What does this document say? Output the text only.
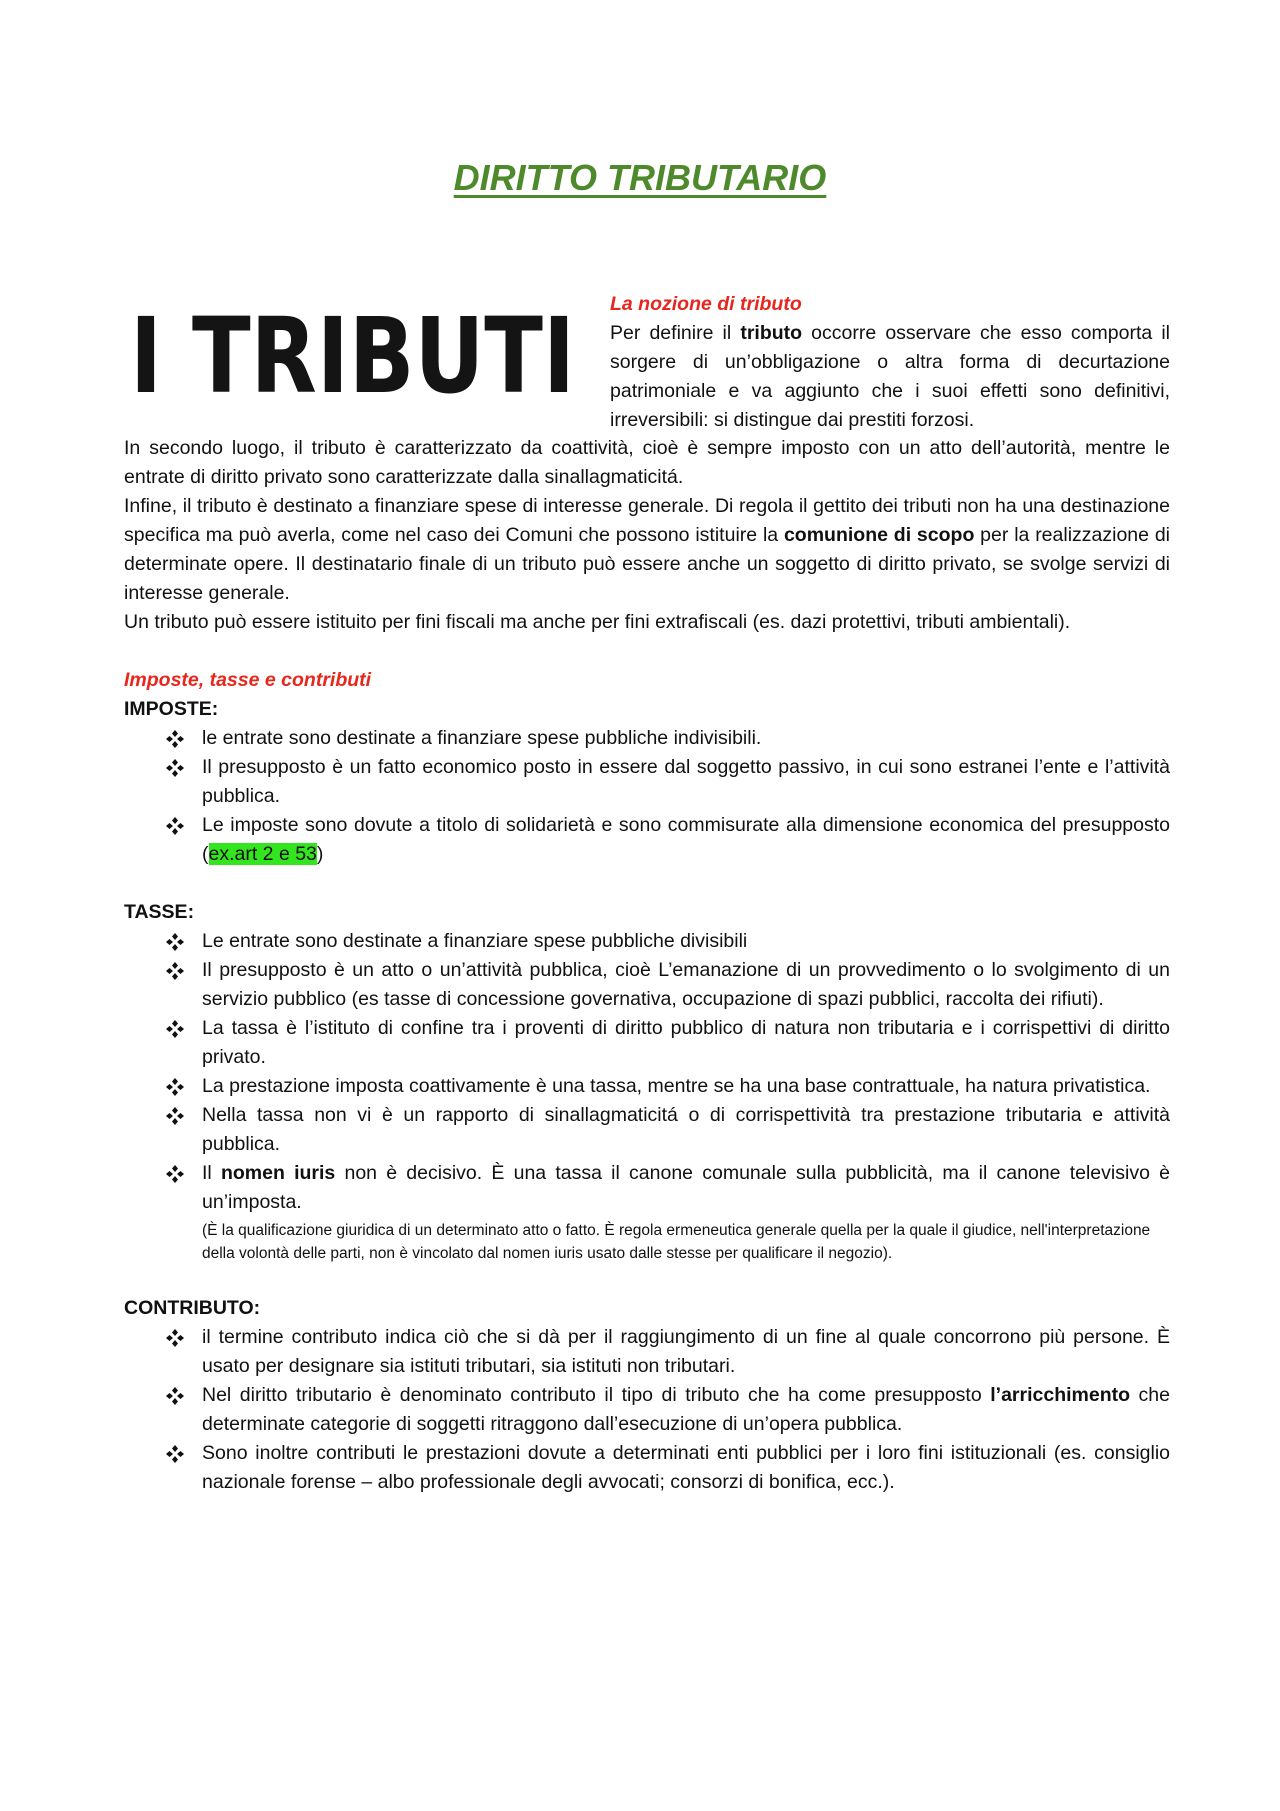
DIRITTO TRIBUTARIO
I TRIBUTI La nozione di tributo

Per definire il tributo occorre osservare che esso comporta il sorgere di un’obbligazione o altra forma di decurtazione patrimoniale e va aggiunto che i suoi effetti sono definitivi, irreversibili: si distingue dai prestiti forzosi.

In secondo luogo, il tributo è caratterizzato da coattività, cioè è sempre imposto con un atto dell’autorità, mentre le entrate di diritto privato sono caratterizzate dalla sinallagmaticitá.

Infine, il tributo è destinato a finanziare spese di interesse generale. Di regola il gettito dei tributi non ha una destinazione specifica ma può averla, come nel caso dei Comuni che possono istituire la comunione di scopo per la realizzazione di determinate opere. Il destinatario finale di un tributo può essere anche un soggetto di diritto privato, se svolge servizi di interesse generale.

Un tributo può essere istituito per fini fiscali ma anche per fini extrafiscali (es. dazi protettivi, tributi ambientali).

Imposte, tasse e contributi
IMPOSTE:
le entrate sono destinate a finanziare spese pubbliche indivisibili.
Il presupposto è un fatto economico posto in essere dal soggetto passivo, in cui sono estranei l’ente e l’attività pubblica.
Le imposte sono dovute a titolo di solidarietà e sono commisurate alla dimensione economica del presupposto (ex.art 2 e 53)
TASSE:
Le entrate sono destinate a finanziare spese pubbliche divisibili
Il presupposto è un atto o un’attività pubblica, cioè L’emanazione di un provvedimento o lo svolgimento di un servizio pubblico (es tasse di concessione governativa, occupazione di spazi pubblici, raccolta dei rifiuti).
La tassa è l’istituto di confine tra i proventi di diritto pubblico di natura non tributaria e i corrispettivi di diritto privato.
La prestazione imposta coattivamente è una tassa, mentre se ha una base contrattuale, ha natura privatistica.
Nella tassa non vi è un rapporto di sinallagmaticitá o di corrispettività tra prestazione tributaria e attività pubblica.
Il nomen iuris non è decisivo. È una tassa il canone comunale sulla pubblicità, ma il canone televisivo è un’imposta.
(È la qualificazione giuridica di un determinato atto o fatto. È regola ermeneutica generale quella per la quale il giudice, nell'interpretazione della volontà delle parti, non è vincolato dal nomen iuris usato dalle stesse per qualificare il negozio).
CONTRIBUTO:
il termine contributo indica ciò che si dà per il raggiungimento di un fine al quale concorrono più persone. È usato per designare sia istituti tributari, sia istituti non tributari.
Nel diritto tributario è denominato contributo il tipo di tributo che ha come presupposto l’arricchimento che determinate categorie di soggetti ritraggono dall’esecuzione di un’opera pubblica.
Sono inoltre contributi le prestazioni dovute a determinati enti pubblici per i loro fini istituzionali (es. consiglio nazionale forense – albo professionale degli avvocati; consorzi di bonifica, ecc.).
